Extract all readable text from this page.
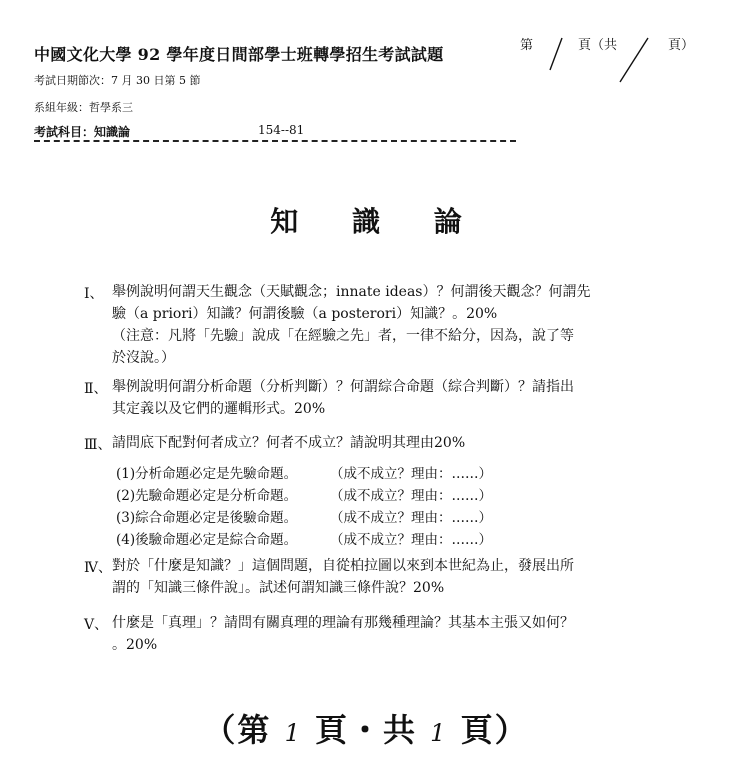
中國文化大學 92 學年度日間部學士班轉學招生考試試題	第	頁（共	頁）
考試日期節次：7 月 30 日第 5 節
系組年級：哲學系三
考試科目：知識論	154--81
知 識 論
Ⅰ、 舉例說明何謂天生觀念（天賦觀念；innate ideas）？何謂後天觀念？何謂先
驗（a priori）知識？何謂後驗（a posterori）知識？。20%
（注意：凡將「先驗」說成「在經驗之先」者，一律不給分，因為，說了等
於沒說。）
Ⅱ、 舉例說明何謂分析命題（分析判斷）？何謂綜合命題（綜合判斷）？請指出
其定義以及它們的邏輯形式。20%
Ⅲ、 請問底下配對何者成立？何者不成立？請說明其理由20%
(1)分析命題必定是先驗命題。 （成不成立？理由：……）
(2)先驗命題必定是分析命題。 （成不成立？理由：……）
(3)綜合命題必定是後驗命題。 （成不成立？理由：……）
(4)後驗命題必定是綜合命題。 （成不成立？理由：……）
Ⅳ、 對於「什麼是知識？」這個問題，自從柏拉圖以來到本世紀為止，發展出所
謂的「知識三條件說」。試述何謂知識三條件說？20%
Ⅴ、 什麼是「真理」？請問有關真理的理論有那幾種理論？其基本主張又如何？
。20%
（第 1 頁・共 1 頁）
